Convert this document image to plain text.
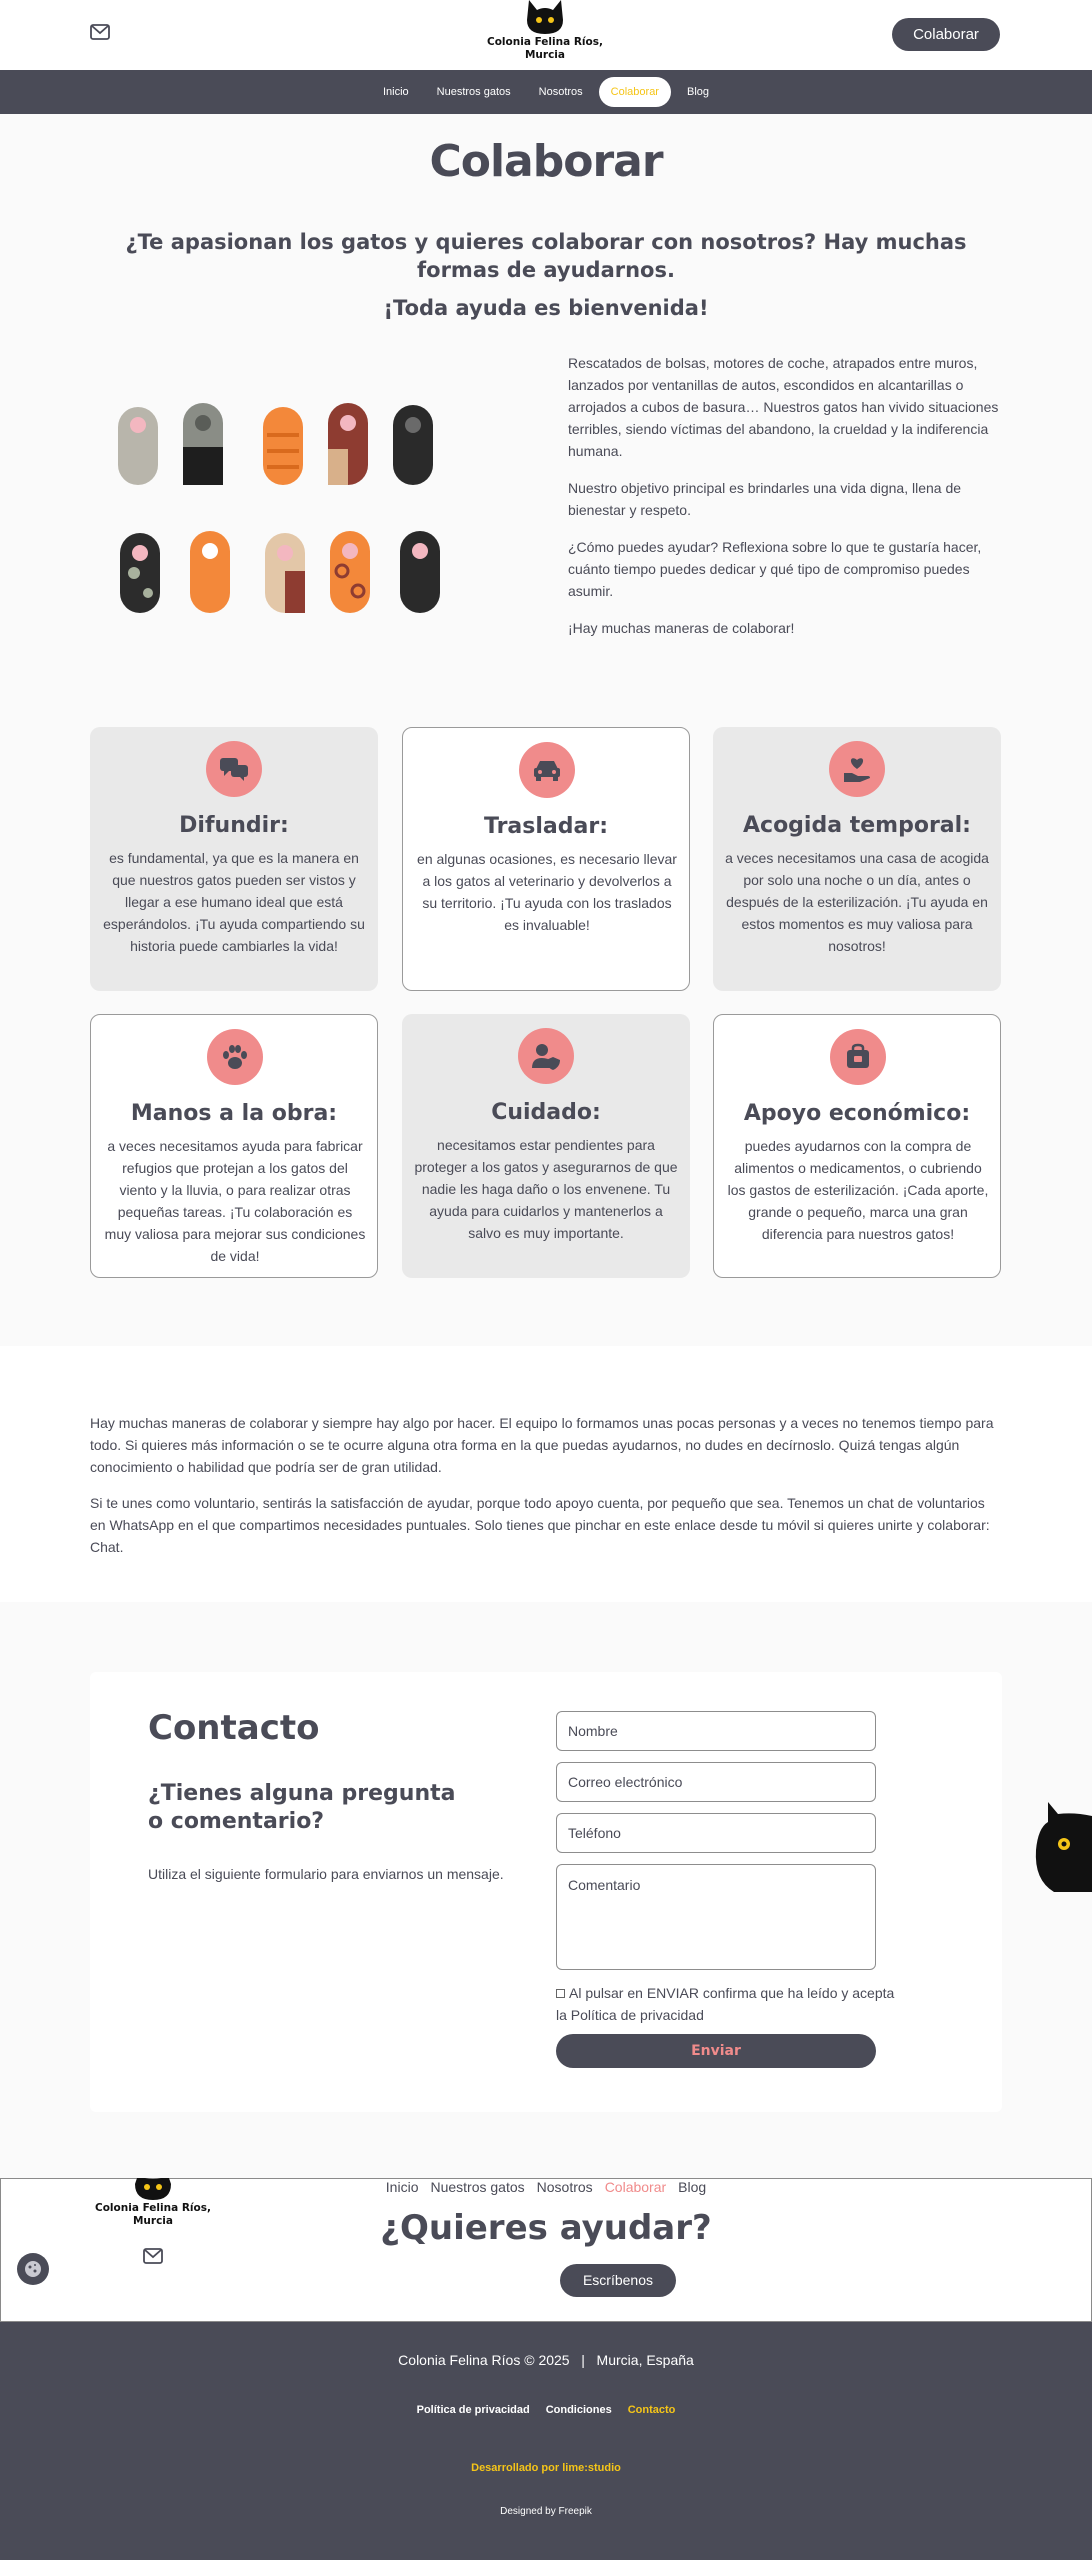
Colonia Felina Ríos,
Murcia
Colaborar
Inicio	Nuestros gatos	Nosotros	Colaborar	Blog
Colaborar
¿Te apasionan los gatos y quieres colaborar con nosotros? Hay muchas formas de ayudarnos.
¡Toda ayuda es bienvenida!

Rescatados de bolsas, motores de coche, atrapados entre muros, lanzados por ventanillas de autos, escondidos en alcantarillas o arrojados a cubos de basura… Nuestros gatos han vivido situaciones terribles, siendo víctimas del abandono, la crueldad y la indiferencia humana.

Nuestro objetivo principal es brindarles una vida digna, llena de bienestar y respeto.

¿Cómo puedes ayudar? Reflexiona sobre lo que te gustaría hacer, cuánto tiempo puedes dedicar y qué tipo de compromiso puedes asumir.

¡Hay muchas maneras de colaborar!

Difundir:
es fundamental, ya que es la manera en que nuestros gatos pueden ser vistos y llegar a ese humano ideal que está esperándolos. ¡Tu ayuda compartiendo su historia puede cambiarles la vida!
Trasladar:
en algunas ocasiones, es necesario llevar a los gatos al veterinario y devolverlos a su territorio. ¡Tu ayuda con los traslados es invaluable!
Acogida temporal:
a veces necesitamos una casa de acogida por solo una noche o un día, antes o después de la esterilización. ¡Tu ayuda en estos momentos es muy valiosa para nosotros!
Manos a la obra:
a veces necesitamos ayuda para fabricar refugios que protejan a los gatos del viento y la lluvia, o para realizar otras pequeñas tareas. ¡Tu colaboración es muy valiosa para mejorar sus condiciones de vida!
Cuidado:
necesitamos estar pendientes para proteger a los gatos y asegurarnos de que nadie les haga daño o los envenene. Tu ayuda para cuidarlos y mantenerlos a salvo es muy importante.
Apoyo económico:
puedes ayudarnos con la compra de alimentos o medicamentos, o cubriendo los gastos de esterilización. ¡Cada aporte, grande o pequeño, marca una gran diferencia para nuestros gatos!

Hay muchas maneras de colaborar y siempre hay algo por hacer. El equipo lo formamos unas pocas personas y a veces no tenemos tiempo para todo. Si quieres más información o se te ocurre alguna otra forma en la que puedas ayudarnos, no dudes en decírnoslo. Quizá tengas algún conocimiento o habilidad que podría ser de gran utilidad.

Si te unes como voluntario, sentirás la satisfacción de ayudar, porque todo apoyo cuenta, por pequeño que sea. Tenemos un chat de voluntarios en WhatsApp en el que compartimos necesidades puntuales. Solo tienes que pinchar en este enlace desde tu móvil si quieres unirte y colaborar: Chat.

Contacto
¿Tienes alguna pregunta o comentario?
Utiliza el siguiente formulario para enviarnos un mensaje.
Nombre
Correo electrónico
Teléfono
Comentario
Al pulsar en ENVIAR confirma que ha leído y acepta la Política de privacidad
Enviar
Colonia Felina Ríos,
Murcia
Inicio Nuestros gatos Nosotros Colaborar Blog
¿Quieres ayudar?
Escríbenos
Colonia Felina Ríos © 2025   |   Murcia, España
Política de privacidad Condiciones Contacto
Desarrollado por lime:studio
Designed by Freepik
